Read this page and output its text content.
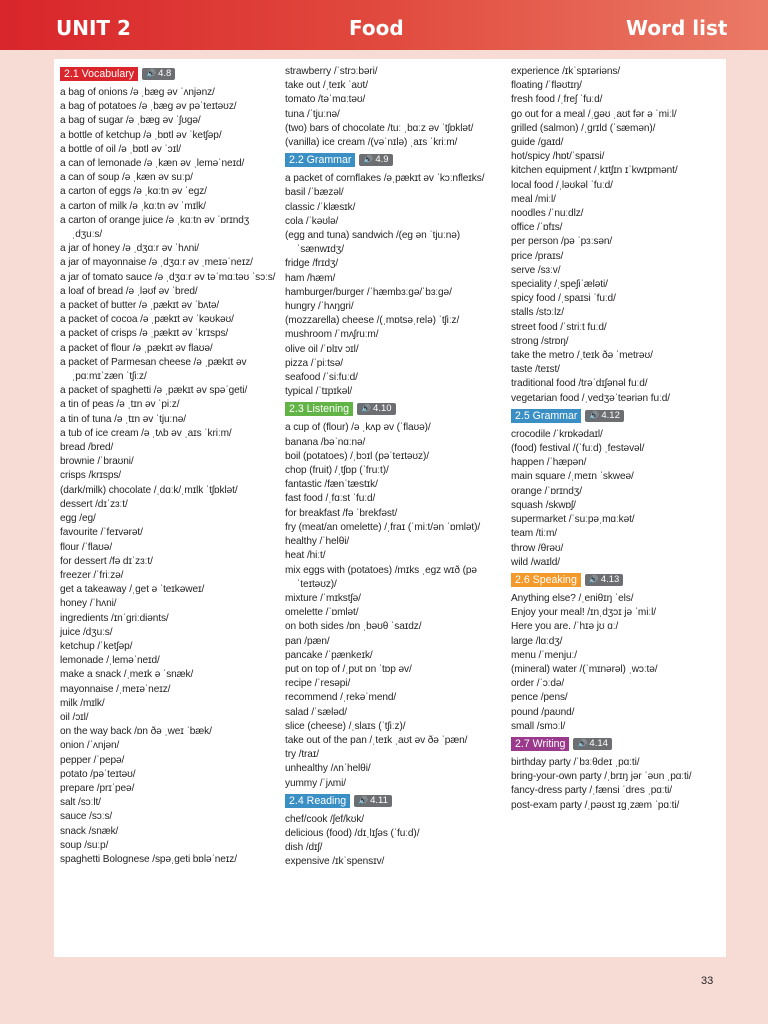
UNIT 2	Food	Word list
2.1 Vocabulary	🔊 4.8
a bag of onions /ə ˌbæg əv ˈʌnjənz/
a bag of potatoes /ə ˌbæg əv pəˈteɪtəʊz/
a bag of sugar /ə ˌbæg əv ˈʃʊgə/
a bottle of ketchup /ə ˌbɒtl əv ˈketʃəp/
a bottle of oil /ə ˌbɒtl əv ˈɔɪl/
a can of lemonade /ə ˌkæn əv ˌleməˈneɪd/
a can of soup /ə ˌkæn əv suːp/
a carton of eggs /ə ˌkɑːtn əv ˈegz/
a carton of milk /ə ˌkɑːtn əv ˈmɪlk/
a carton of orange juice /ə ˌkɑːtn əv ˈɒrɪndʒ ˌdʒuːs/
a jar of honey /ə ˌdʒɑːr əv ˈhʌni/
a jar of mayonnaise /ə ˌdʒɑːr əv ˌmeɪəˈneɪz/
a jar of tomato sauce /ə ˌdʒɑːr əv təˈmɑːtəʊ ˈsɔːs/
a loaf of bread /ə ˌləʊf əv ˈbred/
a packet of butter /ə ˌpækɪt əv ˈbʌtə/
a packet of cocoa /ə ˌpækɪt əv ˈkəʊkəʊ/
a packet of crisps /ə ˌpækɪt əv ˈkrɪsps/
a packet of flour /ə ˌpækɪt əv flaʊə/
a packet of Parmesan cheese /ə ˌpækɪt əv ˌpɑːmɪˈzæn ˈtʃiːz/
a packet of spaghetti /ə ˌpækɪt əv spəˈgeti/
a tin of peas /ə ˌtɪn əv ˈpiːz/
a tin of tuna /ə ˌtɪn əv ˈtjuːnə/
a tub of ice cream /ə ˌtʌb əv ˌaɪs ˈkriːm/
bread /bred/
brownie /ˈbraʊni/
crisps /krɪsps/
(dark/milk) chocolate /ˌdɑːk/ˌmɪlk ˈtʃɒklət/
dessert /dɪˈzɜːt/
egg /eg/
favourite /ˈfeɪvərət/
flour /ˈflaʊə/
for dessert /fə dɪˈzɜːt/
freezer /ˈfriːzə/
get a takeaway /ˌget ə ˈteɪkəweɪ/
honey /ˈhʌni/
ingredients /ɪnˈgriːdiənts/
juice /dʒuːs/
ketchup /ˈketʃəp/
lemonade /ˌleməˈneɪd/
make a snack /ˌmeɪk ə ˈsnæk/
mayonnaise /ˌmeɪəˈneɪz/
milk /mɪlk/
oil /ɔɪl/
on the way back /ɒn ðə ˌweɪ ˈbæk/
onion /ˈʌnjən/
pepper /ˈpepə/
potato /pəˈteɪtəʊ/
prepare /prɪˈpeə/
salt /sɔːlt/
sauce /sɔːs/
snack /snæk/
soup /suːp/
spaghetti Bolognese /spəˌgeti bɒləˈneɪz/
strawberry /ˈstrɔːbəri/
take out /ˌteɪk ˈaʊt/
tomato /təˈmɑːtəʊ/
tuna /ˈtjuːnə/
(two) bars of chocolate /tuː ˌbɑːz əv ˈtʃɒklət/
(vanilla) ice cream /(vəˈnɪlə) ˌaɪs ˈkriːm/
2.2 Grammar	🔊 4.9
a packet of cornflakes /əˌpækɪt əv ˈkɔːnfleɪks/
basil /ˈbæzəl/
classic /ˈklæsɪk/
cola /ˈkəʊlə/
(egg and tuna) sandwich /(eg ən ˈtjuːnə) ˈsænwɪdʒ/
fridge /frɪdʒ/
ham /hæm/
hamburger/burger /ˈhæmbɜːgə/ˈbɜːgə/
hungry /ˈhʌŋgri/
(mozzarella) cheese /(ˌmɒtsəˌrelə) ˈtʃiːz/
mushroom /ˈmʌʃruːm/
olive oil /ˈɒlɪv ɔɪl/
pizza /ˈpiːtsə/
seafood /ˈsiːfuːd/
typical /ˈtɪpɪkəl/
2.3 Listening	🔊 4.10
a cup of (flour) /ə ˌkʌp əv (ˈflaʊə)/
banana /bəˈnɑːnə/
boil (potatoes) /ˌbɔɪl (pəˈteɪtəʊz)/
chop (fruit) /ˌtʃɒp (ˈfruːt)/
fantastic /fænˈtæstɪk/
fast food /ˌfɑːst ˈfuːd/
for breakfast /fə ˈbrekfəst/
fry (meat/an omelette) /ˌfraɪ (ˈmiːt/ən ˈɒmlət)/
healthy /ˈhelθi/
heat /hiːt/
mix eggs with (potatoes) /mɪks ˌegz wɪð (pəˈteɪtəʊz)/
mixture /ˈmɪkstʃə/
omelette /ˈɒmlət/
on both sides /ɒn ˌbəʊθ ˈsaɪdz/
pan /pæn/
pancake /ˈpænkeɪk/
put on top of /ˌpʊt ɒn ˈtɒp əv/
recipe /ˈresəpi/
recommend /ˌrekəˈmend/
salad /ˈsæləd/
slice (cheese) /ˌslaɪs (ˈtʃiːz)/
take out of the pan /ˌteɪk ˌaʊt əv ðə ˈpæn/
try /traɪ/
unhealthy /ʌnˈhelθi/
yummy /ˈjʌmi/
2.4 Reading	🔊 4.11
chef/cook /ʃef/kʊk/
delicious (food) /dɪˌlɪʃəs (ˈfuːd)/
dish /dɪʃ/
expensive /ɪkˈspensɪv/
experience /ɪkˈspɪəriəns/
floating /ˈfləʊtɪŋ/
fresh food /ˌfreʃ ˈfuːd/
go out for a meal /ˌgəʊ ˌaʊt fər ə ˈmiːl/
grilled (salmon) /ˌgrɪld (ˈsæmən)/
guide /gaɪd/
hot/spicy /hɒt/ˈspaɪsi/
kitchen equipment /ˌkɪtʃɪn ɪˈkwɪpmənt/
local food /ˌləʊkəl ˈfuːd/
meal /miːl/
noodles /ˈnuːdlz/
office /ˈɒfɪs/
per person /pə ˈpɜːsən/
price /praɪs/
serve /sɜːv/
speciality /ˌspeʃiˈæləti/
spicy food /ˌspaɪsi ˈfuːd/
stalls /stɔːlz/
street food /ˈstriːt fuːd/
strong /strɒŋ/
take the metro /ˌteɪk ðə ˈmetrəʊ/
taste /teɪst/
traditional food /trəˈdɪʃənəl fuːd/
vegetarian food /ˌvedʒəˈteəriən fuːd/
2.5 Grammar	🔊 4.12
crocodile /ˈkrɒkədaɪl/
(food) festival /(ˈfuːd) ˌfestəvəl/
happen /ˈhæpən/
main square /ˌmeɪn ˈskweə/
orange /ˈɒrɪndʒ/
squash /skwɒʃ/
supermarket /ˈsuːpəˌmɑːkət/
team /tiːm/
throw /θrəʊ/
wild /waɪld/
2.6 Speaking	🔊 4.13
Anything else? /ˌeniθɪŋ ˈels/
Enjoy your meal! /ɪnˌdʒɔɪ jə ˈmiːl/
Here you are. /ˈhɪə jʊ ɑː/
large /lɑːdʒ/
menu /ˈmenjuː/
(mineral) water /(ˈmɪnərəl) ˌwɔːtə/
order /ˈɔːdə/
pence /pens/
pound /paʊnd/
small /smɔːl/
2.7 Writing	🔊 4.14
birthday party /ˈbɜːθdeɪ ˌpɑːti/
bring-your-own party /ˌbrɪŋ jər ˈəʊn ˌpɑːti/
fancy-dress party /ˌfænsi ˈdres ˌpɑːti/
post-exam party /ˌpəʊst ɪgˌzæm ˈpɑːti/
33
